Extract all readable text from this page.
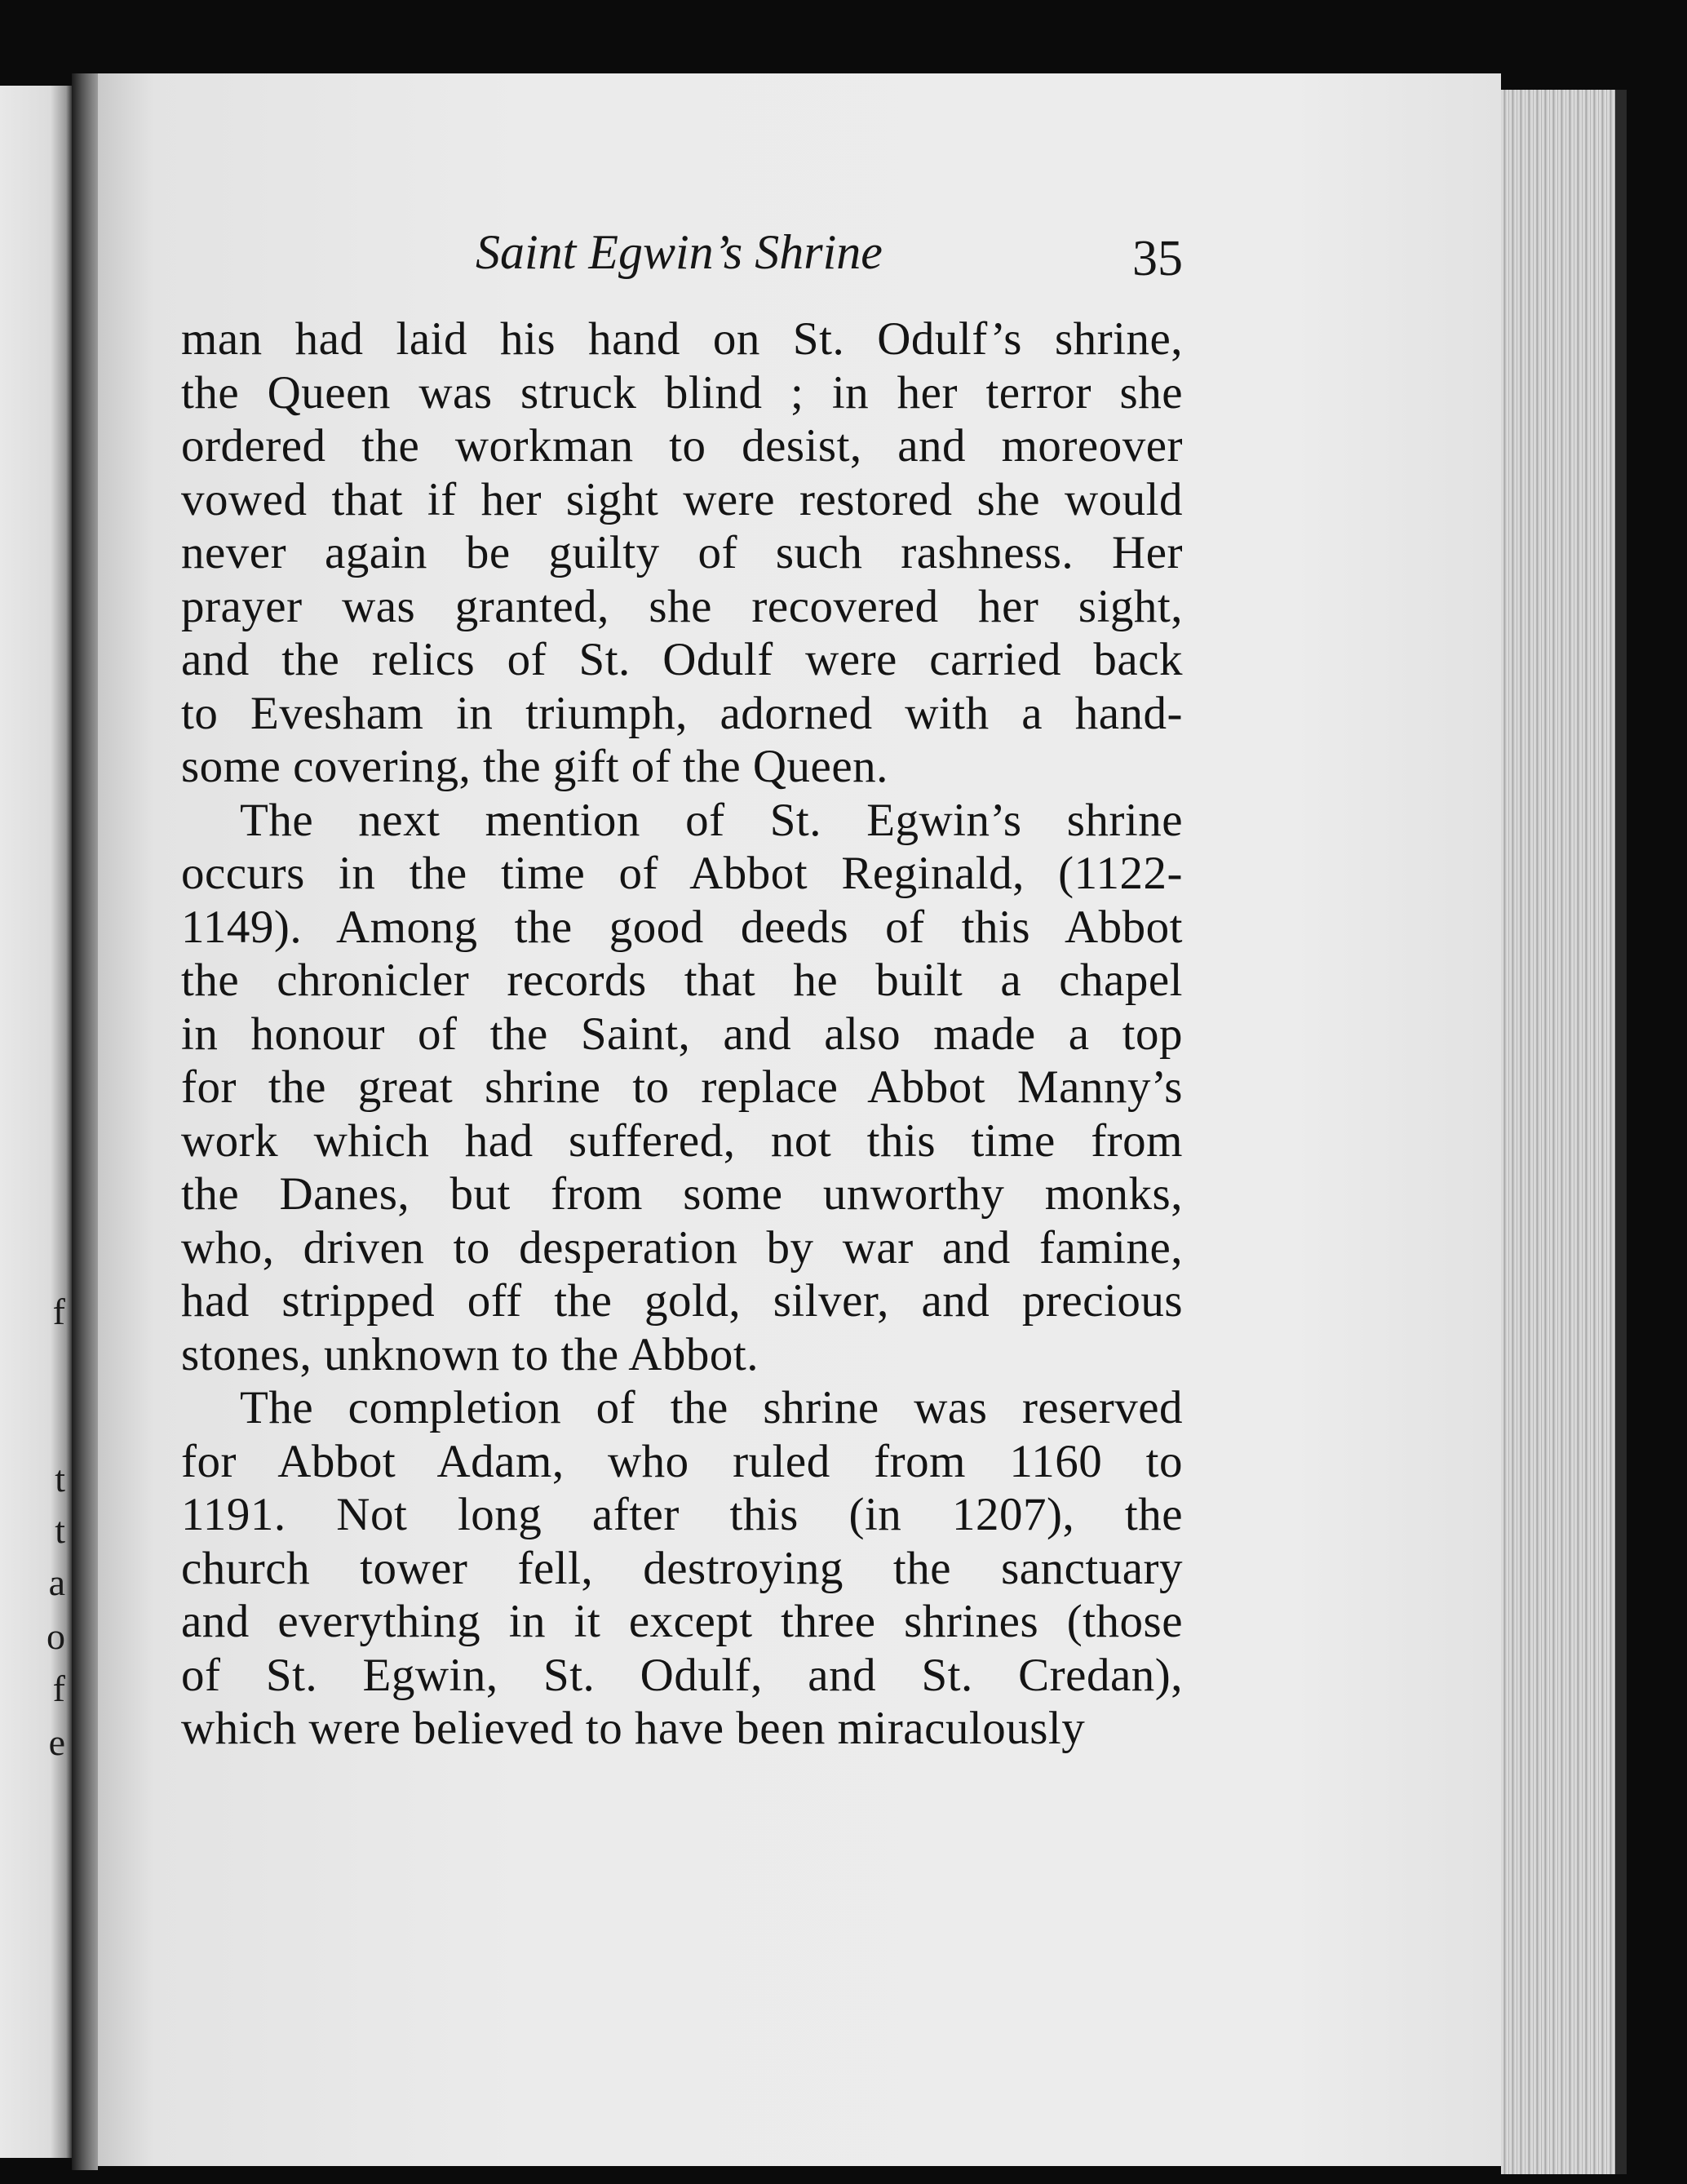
f
t
t
a
o
f
e
Saint Egwin’s Shrine	35
man had laid his hand on St. Odulf’s shrine,
the Queen was struck blind ; in her terror she
ordered the workman to desist, and moreover
vowed that if her sight were restored she would
never again be guilty of such rashness. Her
prayer was granted, she recovered her sight,
and the relics of St. Odulf were carried back
to Evesham in triumph, adorned with a hand-
some covering, the gift of the Queen.
The next mention of St. Egwin’s shrine
occurs in the time of Abbot Reginald, (1122-
1149). Among the good deeds of this Abbot
the chronicler records that he built a chapel
in honour of the Saint, and also made a top
for the great shrine to replace Abbot Manny’s
work which had suffered, not this time from
the Danes, but from some unworthy monks,
who, driven to desperation by war and famine,
had stripped off the gold, silver, and precious
stones, unknown to the Abbot.
The completion of the shrine was reserved
for Abbot Adam, who ruled from 1160 to
1191. Not long after this (in 1207), the
church tower fell, destroying the sanctuary
and everything in it except three shrines (those
of St. Egwin, St. Odulf, and St. Credan),
which were believed to have been miraculously
